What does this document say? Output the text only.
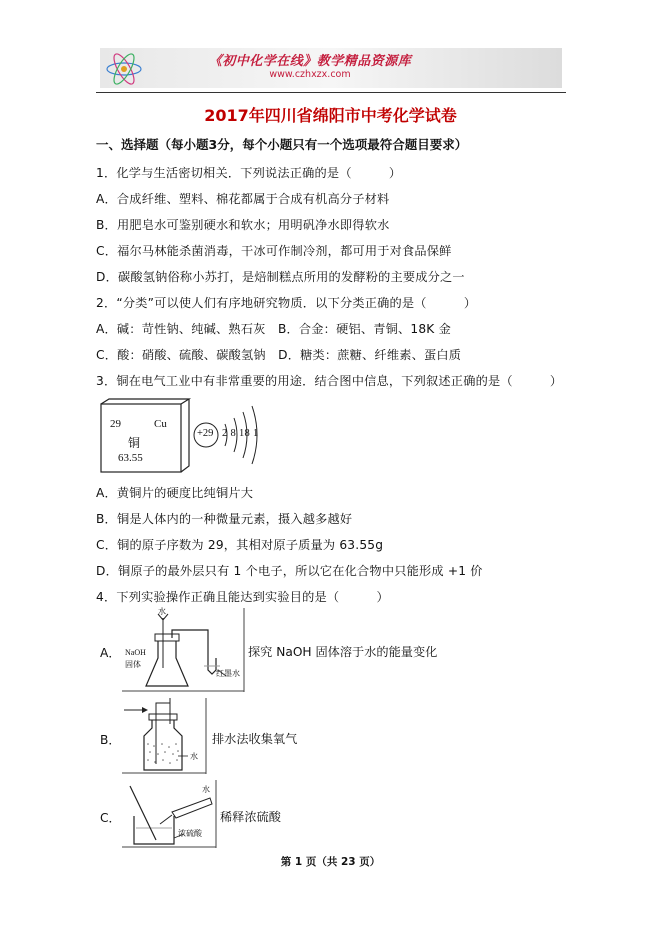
《初中化学在线》教学精品资源库
www.czhxzx.com
2017年四川省绵阳市中考化学试卷
一、选择题（每小题3分，每个小题只有一个选项最符合题目要求）
1．化学与生活密切相关．下列说法正确的是（　　　）
A．合成纤维、塑料、棉花都属于合成有机高分子材料
B．用肥皂水可鉴别硬水和软水；用明矾净水即得软水
C．福尔马林能杀菌消毒，干冰可作制冷剂，都可用于对食品保鲜
D．碳酸氢钠俗称小苏打，是焙制糕点所用的发酵粉的主要成分之一
2．“分类”可以使人们有序地研究物质．以下分类正确的是（　　　）
A．碱：苛性钠、纯碱、熟石灰　B．合金：硬铝、青铜、18K 金
C．酸：硝酸、硫酸、碳酸氢钠　D．糖类：蔗糖、纤维素、蛋白质
3．铜在电气工业中有非常重要的用途．结合图中信息，下列叙述正确的是（　　　）
29	Cu
铜
63.55
+29 2 8 18 1
A．黄铜片的硬度比纯铜片大
B．铜是人体内的一种微量元素，摄入越多越好
C．铜的原子序数为 29，其相对原子质量为 63.55g
D．铜原子的最外层只有 1 个电子，所以它在化合物中只能形成 +1 价
4．下列实验操作正确且能达到实验目的是（　　　）
A．
水
NaOH
固体
红墨水
探究 NaOH 固体溶于水的能量变化
B．
水
排水法收集氧气
C．
水
浓硫酸
稀释浓硫酸
第 1 页（共 23 页）
